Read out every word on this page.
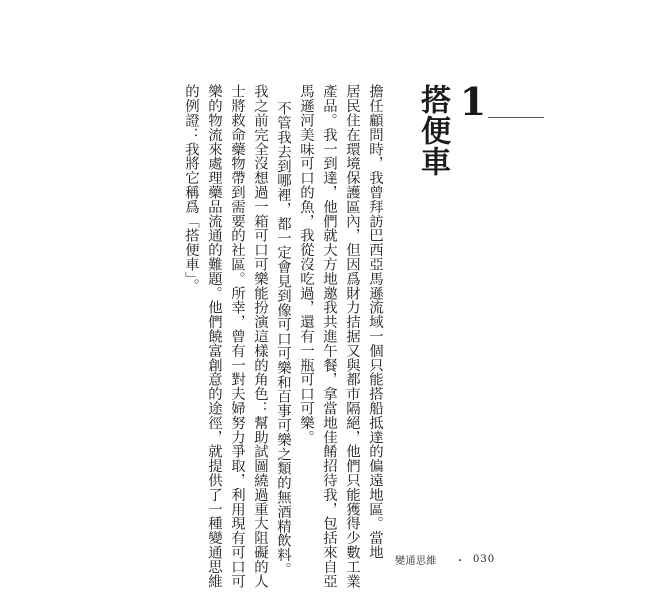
1
搭便車
擔任顧問時，我曾拜訪巴西亞馬遜流域一個只能搭船抵達的偏遠地區。當地
居民住在環境保護區內，但因爲財力拮据又與都市隔絕，他們只能獲得少數工業
產品。我一到達，他們就大方地邀我共進午餐，拿當地佳餚招待我，包括來自亞
馬遜河美味可口的魚，我從沒吃過，還有一瓶可口可樂。
不管我去到哪裡，都一定會見到像可口可樂和百事可樂之類的無酒精飲料。
我之前完全沒想過一箱可口可樂能扮演這樣的角色：幫助試圖繞過重大阻礙的人
士將救命藥物帶到需要的社區。所幸，曾有一對夫婦努力爭取，利用現有可口可
樂的物流來處理藥品流通的難題。他們饒富創意的途徑，就提供了一種變通思維
的例證：我將它稱爲「搭便車」。
變通思維	・ 030
